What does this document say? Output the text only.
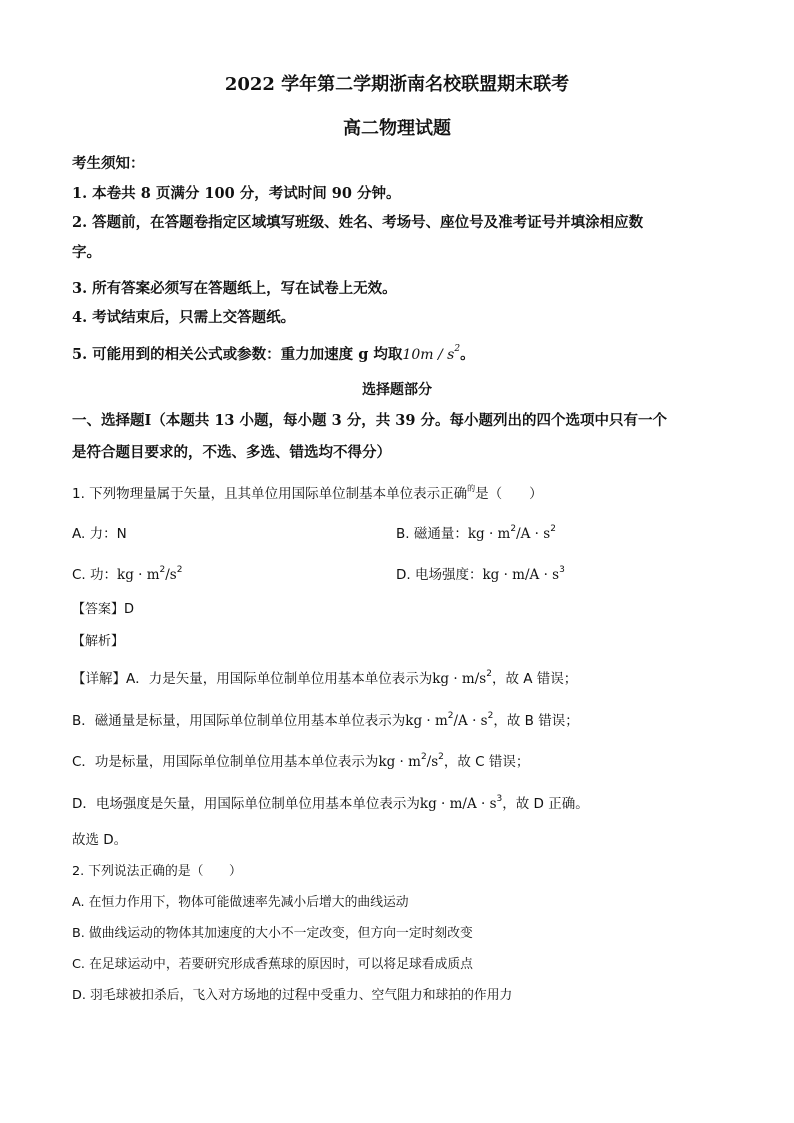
2022 学年第二学期浙南名校联盟期末联考
高二物理试题
考生须知：
1. 本卷共 8 页满分 100 分，考试时间 90 分钟。
2. 答题前，在答题卷指定区域填写班级、姓名、考场号、座位号及准考证号并填涂相应数
字。
3. 所有答案必须写在答题纸上，写在试卷上无效。
4. 考试结束后，只需上交答题纸。
5. 可能用到的相关公式或参数：重力加速度 g 均取$10m / s^2$。
选择题部分
一、选择题Ⅰ（本题共 13 小题，每小题 3 分，共 39 分。每小题列出的四个选项中只有一个
是符合题目要求的，不选、多选、错选均不得分）
1. 下列物理量属于矢量，且其单位用国际单位制基本单位表示正确$^的$是（　　）
A. 力：N	B. 磁通量：kg · $m^2/A \cdot s^2$
C. 功：kg · $m^2/s^2$	D. 电场强度：kg · $m/A \cdot s^3$
【答案】D
【解析】
【详解】A．力是矢量，用国际单位制单位用基本单位表示为kg · $m/s^2$，故 A 错误；
B．磁通量是标量，用国际单位制单位用基本单位表示为kg · $m^2/A \cdot s^2$，故 B 错误；
C．功是标量，用国际单位制单位用基本单位表示为kg · $m^2/s^2$，故 C 错误；
D．电场强度是矢量，用国际单位制单位用基本单位表示为kg · $m/A \cdot s^3$，故 D 正确。
故选 D。
2. 下列说法正确的是（　　）
A. 在恒力作用下，物体可能做速率先减小后增大的曲线运动
B. 做曲线运动的物体其加速度的大小不一定改变，但方向一定时刻改变
C. 在足球运动中，若要研究形成香蕉球的原因时，可以将足球看成质点
D. 羽毛球被扣杀后，飞入对方场地的过程中受重力、空气阻力和球拍的作用力
